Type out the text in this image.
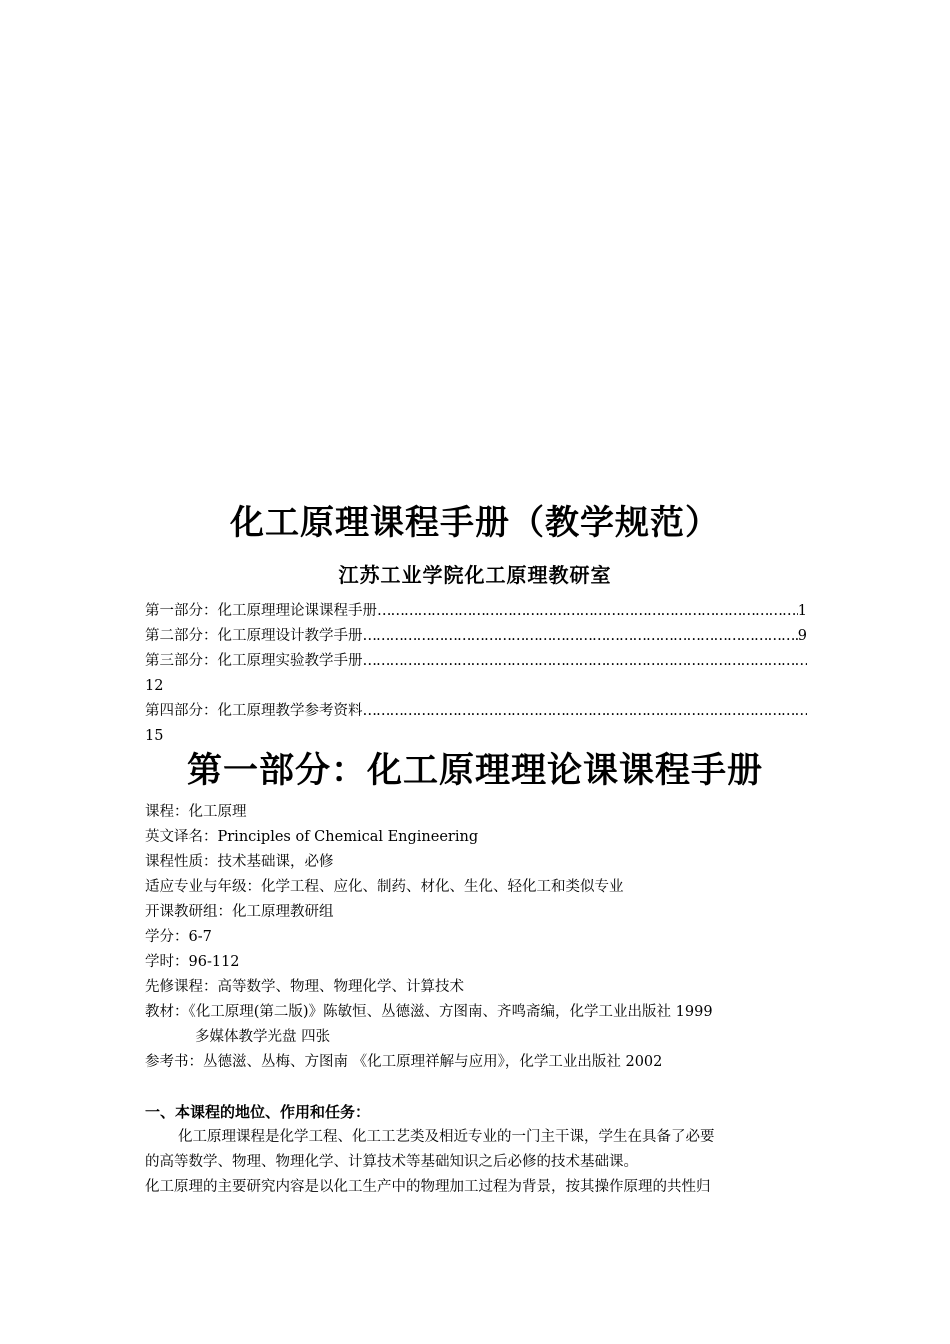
化工原理课程手册（教学规范）
江苏工业学院化工原理教研室
第一部分：化工原理理论课课程手册 ……………………………………………………………………………………………………………………………………………………	1
第二部分：化工原理设计教学手册 ……………………………………………………………………………………………………………………………………………………	9
第三部分：化工原理实验教学手册
……………………………………………………………………………………………………………………………………………………
12
第四部分：化工原理教学参考资料
……………………………………………………………………………………………………………………………………………………
15
第一部分：化工原理理论课课程手册
课程：化工原理
英文译名：Principles of Chemical Engineering
课程性质：技术基础课，必修
适应专业与年级：化学工程、应化、制药、材化、生化、轻化工和类似专业
开课教研组：化工原理教研组
学分：6-7
学时：96-112
先修课程：高等数学、物理、物理化学、计算技术
教材：《化工原理(第二版)》陈敏恒、丛德滋、方图南、齐鸣斋编，化学工业出版社 1999
多媒体教学光盘 四张
参考书：丛德滋、丛梅、方图南 《化工原理祥解与应用》，化学工业出版社 2002
一、本课程的地位、作用和任务：
化工原理课程是化学工程、化工工艺类及相近专业的一门主干课，学生在具备了必要
的高等数学、物理、物理化学、计算技术等基础知识之后必修的技术基础课。
化工原理的主要研究内容是以化工生产中的物理加工过程为背景，按其操作原理的共性归
